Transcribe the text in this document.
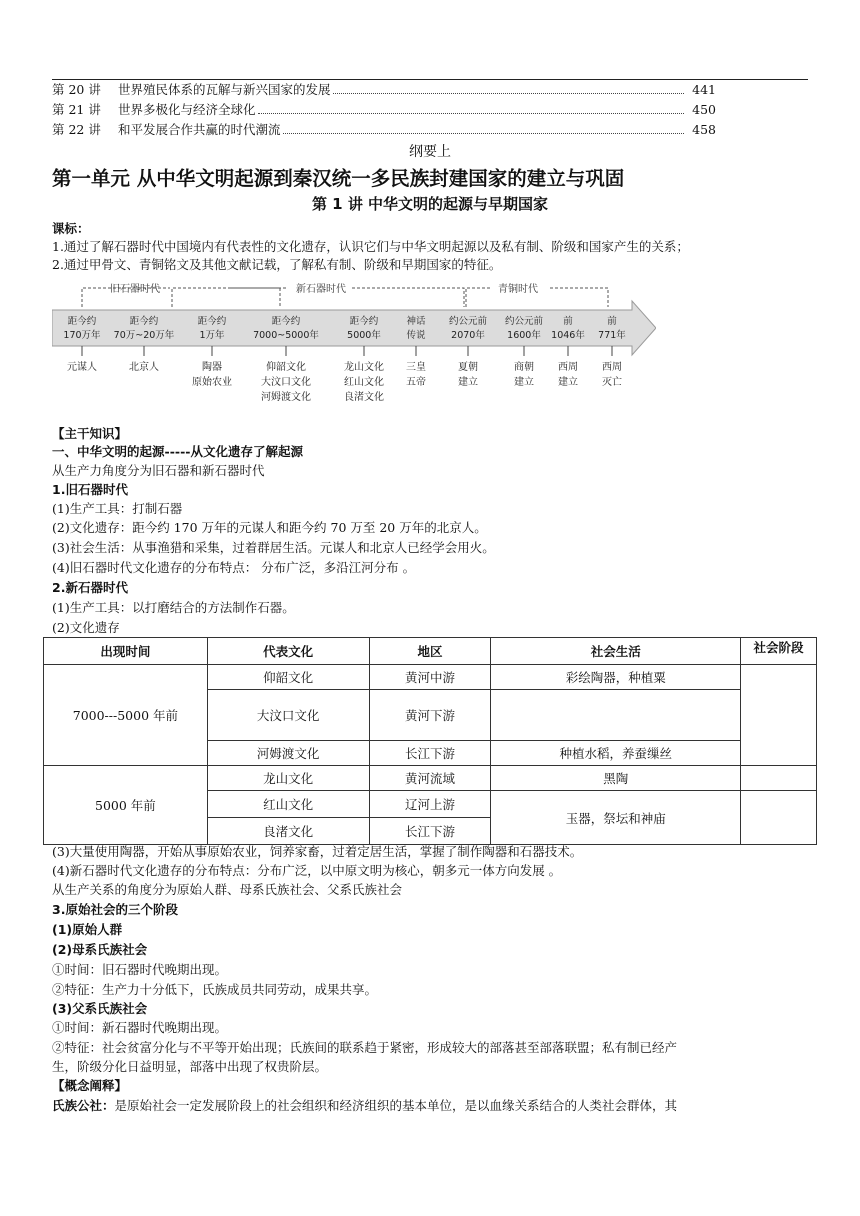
第 20 讲	世界殖民体系的瓦解与新兴国家的发展	441
第 21 讲	世界多极化与经济全球化	450
第 22 讲	和平发展合作共赢的时代潮流	458
纲要上
第一单元 从中华文明起源到秦汉统一多民族封建国家的建立与巩固
第 1 讲 中华文明的起源与早期国家
课标：
1.通过了解石器时代中国境内有代表性的文化遗存，认识它们与中华文明起源以及私有制、阶级和国家产生的关系；
2.通过甲骨文、青铜铭文及其他文献记载，了解私有制、阶级和早期国家的特征。
旧石器时代	新石器时代	青铜时代
距今约
170万年
距今约
70万~20万年
距今约
1万年
距今约
7000~5000年
距今约
5000年
神话
传说
约公元前
2070年
约公元前
1600年
前
1046年
前
771年
元谋人	北京人	陶器
原始农业
仰韶文化
大汶口文化
河姆渡文化
龙山文化
红山文化
良渚文化
三皇
五帝
夏朝
建立
商朝
建立
西周
建立
西周
灭亡
【主干知识】
一、中华文明的起源-----从文化遗存了解起源
从生产力角度分为旧石器和新石器时代
1.旧石器时代
(1)生产工具：打制石器
(2)文化遗存：距今约 170 万年的元谋人和距今约 70 万至 20 万年的北京人。
(3)社会生活：从事渔猎和采集，过着群居生活。元谋人和北京人已经学会用火。
(4)旧石器时代文化遗存的分布特点： 分布广泛，多沿江河分布 。
2.新石器时代
(1)生产工具：以打磨结合的方法制作石器。
(2)文化遗存
出现时间	代表文化	地区	社会生活	社会阶段
7000---5000 年前	仰韶文化	黄河中游	彩绘陶器，种植粟	
	大汶口文化	黄河下游		
	河姆渡文化	长江下游	种植水稻，养蚕缫丝	
5000 年前	龙山文化	黄河流域	黑陶	
	红山文化	辽河上游	玉器，祭坛和神庙	
	良渚文化	长江下游		
(3)大量使用陶器，开始从事原始农业，饲养家畜，过着定居生活，掌握了制作陶器和石器技术。
(4)新石器时代文化遗存的分布特点：分布广泛，以中原文明为核心，朝多元一体方向发展 。
从生产关系的角度分为原始人群、母系氏族社会、父系氏族社会
3.原始社会的三个阶段
(1)原始人群
(2)母系氏族社会
①时间：旧石器时代晚期出现。
②特征：生产力十分低下，氏族成员共同劳动，成果共享。
(3)父系氏族社会
①时间：新石器时代晚期出现。
②特征：社会贫富分化与不平等开始出现；氏族间的联系趋于紧密，形成较大的部落甚至部落联盟；私有制已经产
生，阶级分化日益明显，部落中出现了权贵阶层。
【概念阐释】
氏族公社：是原始社会一定发展阶段上的社会组织和经济组织的基本单位，是以血缘关系结合的人类社会群体，其
